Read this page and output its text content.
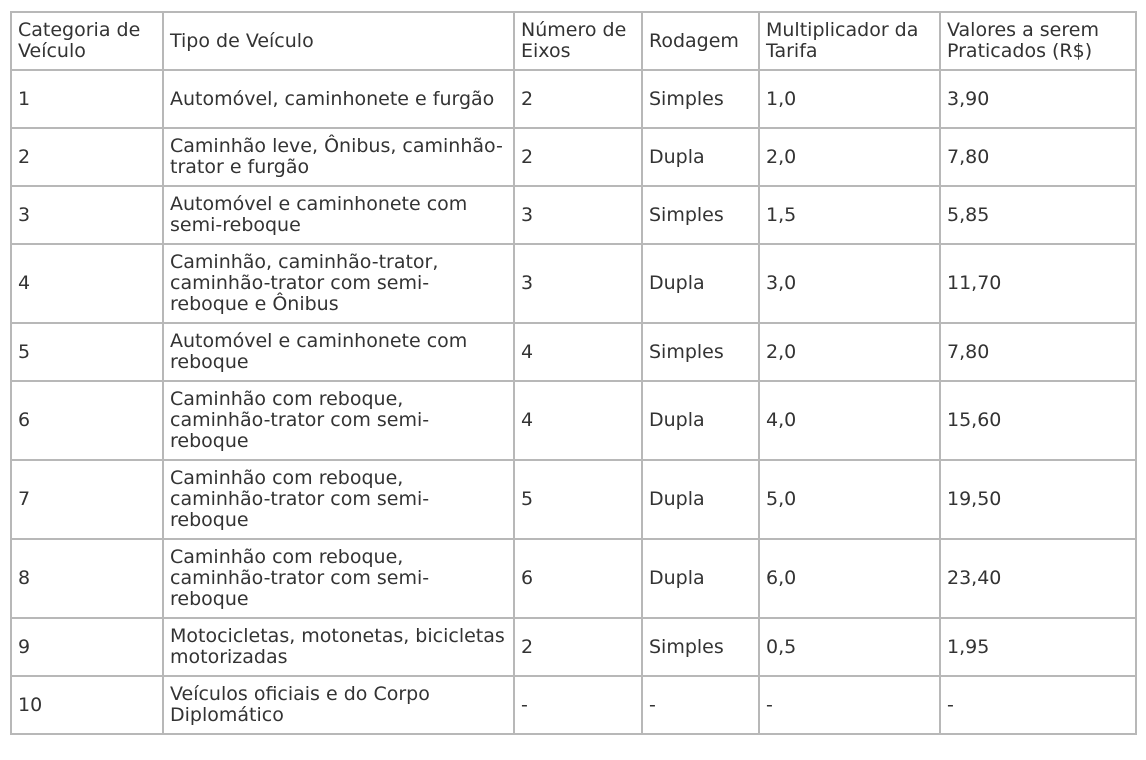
Categoria de Veículo	Tipo de Veículo	Número de Eixos	Rodagem	Multiplicador da Tarifa	Valores a serem Praticados (R$)
1	Automóvel, caminhonete e furgão	2	Simples	1,0	3,90
2	Caminhão leve, Ônibus, caminhão-trator e furgão	2	Dupla	2,0	7,80
3	Automóvel e caminhonete com semi-reboque	3	Simples	1,5	5,85
4	Caminhão, caminhão-trator, caminhão-trator com semi-reboque e Ônibus	3	Dupla	3,0	11,70
5	Automóvel e caminhonete com reboque	4	Simples	2,0	7,80
6	Caminhão com reboque, caminhão-trator com semi-reboque	4	Dupla	4,0	15,60
7	Caminhão com reboque, caminhão-trator com semi-reboque	5	Dupla	5,0	19,50
8	Caminhão com reboque, caminhão-trator com semi-reboque	6	Dupla	6,0	23,40
9	Motocicletas, motonetas, bicicletas motorizadas	2	Simples	0,5	1,95
10	Veículos oficiais e do Corpo Diplomático	-	-	-	-
